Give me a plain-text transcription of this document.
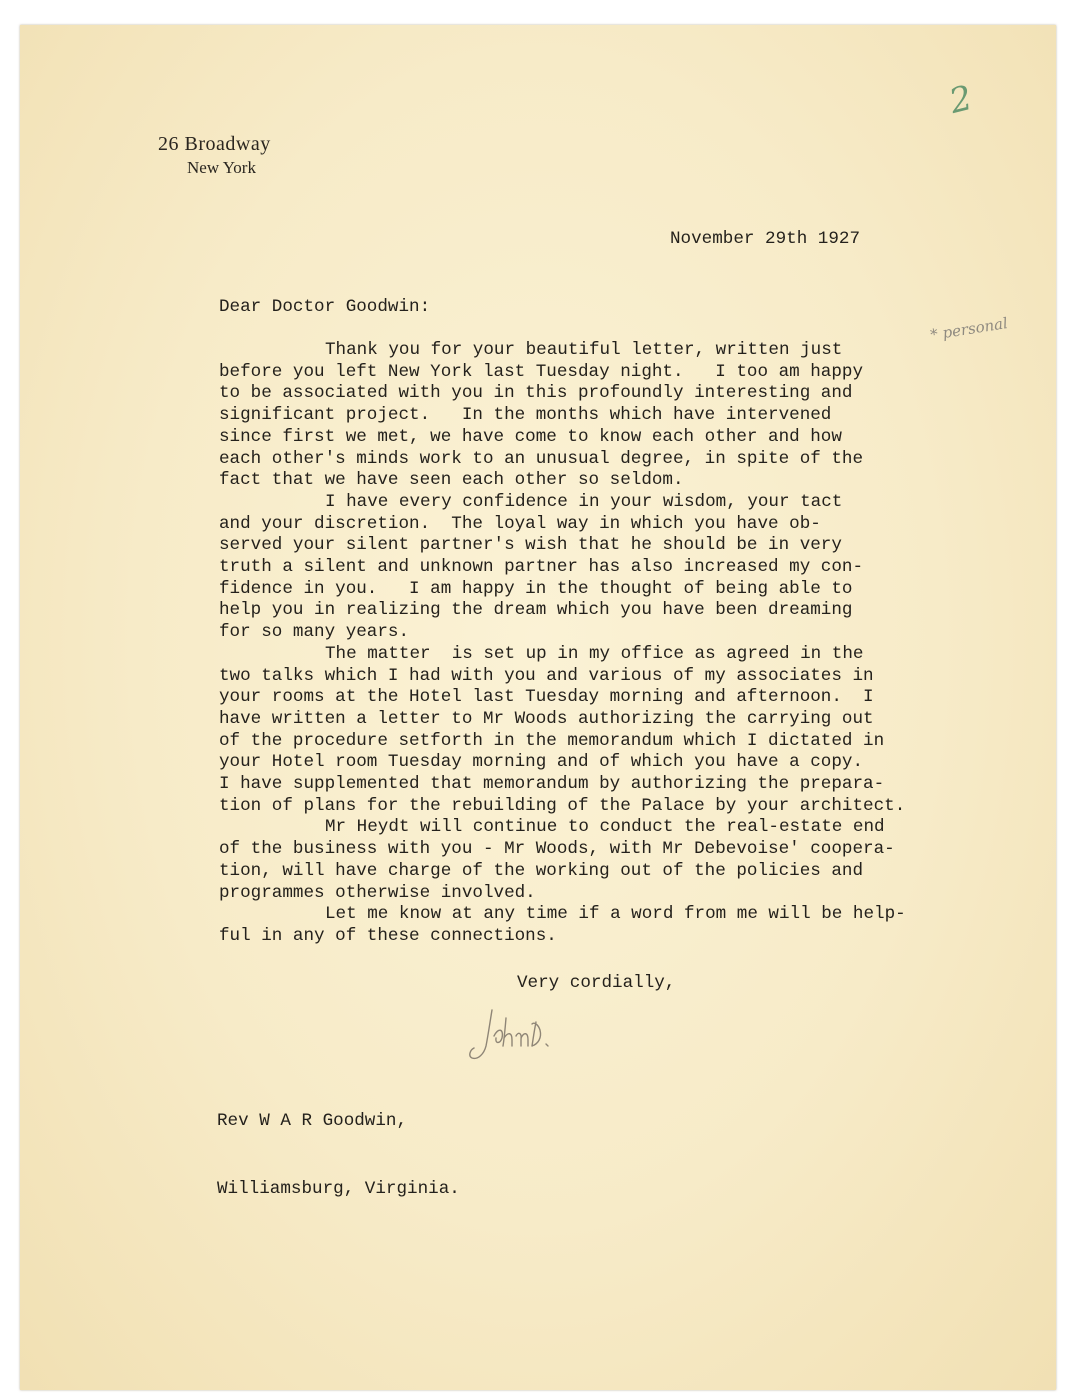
26 Broadway
New York
2
* personal
November 29th 1927
Dear Doctor Goodwin:
Thank you for your beautiful letter, written just
before you left New York last Tuesday night.   I too am happy
to be associated with you in this profoundly interesting and
significant project.   In the months which have intervened
since first we met, we have come to know each other and how
each other's minds work to an unusual degree, in spite of the
fact that we have seen each other so seldom.
I have every confidence in your wisdom, your tact
and your discretion.  The loyal way in which you have ob-
served your silent partner's wish that he should be in very
truth a silent and unknown partner has also increased my con-
fidence in you.   I am happy in the thought of being able to
help you in realizing the dream which you have been dreaming
for so many years.
The matter  is set up in my office as agreed in the
two talks which I had with you and various of my associates in
your rooms at the Hotel last Tuesday morning and afternoon.  I
have written a letter to Mr Woods authorizing the carrying out
of the procedure setforth in the memorandum which I dictated in
your Hotel room Tuesday morning and of which you have a copy.
I have supplemented that memorandum by authorizing the prepara-
tion of plans for the rebuilding of the Palace by your architect.
Mr Heydt will continue to conduct the real-estate end
of the business with you - Mr Woods, with Mr Debevoise' coopera-
tion, will have charge of the working out of the policies and
programmes otherwise involved.
Let me know at any time if a word from me will be help-
ful in any of these connections.
Very cordially,

Rev W A R Goodwin,

Williamsburg, Virginia.
